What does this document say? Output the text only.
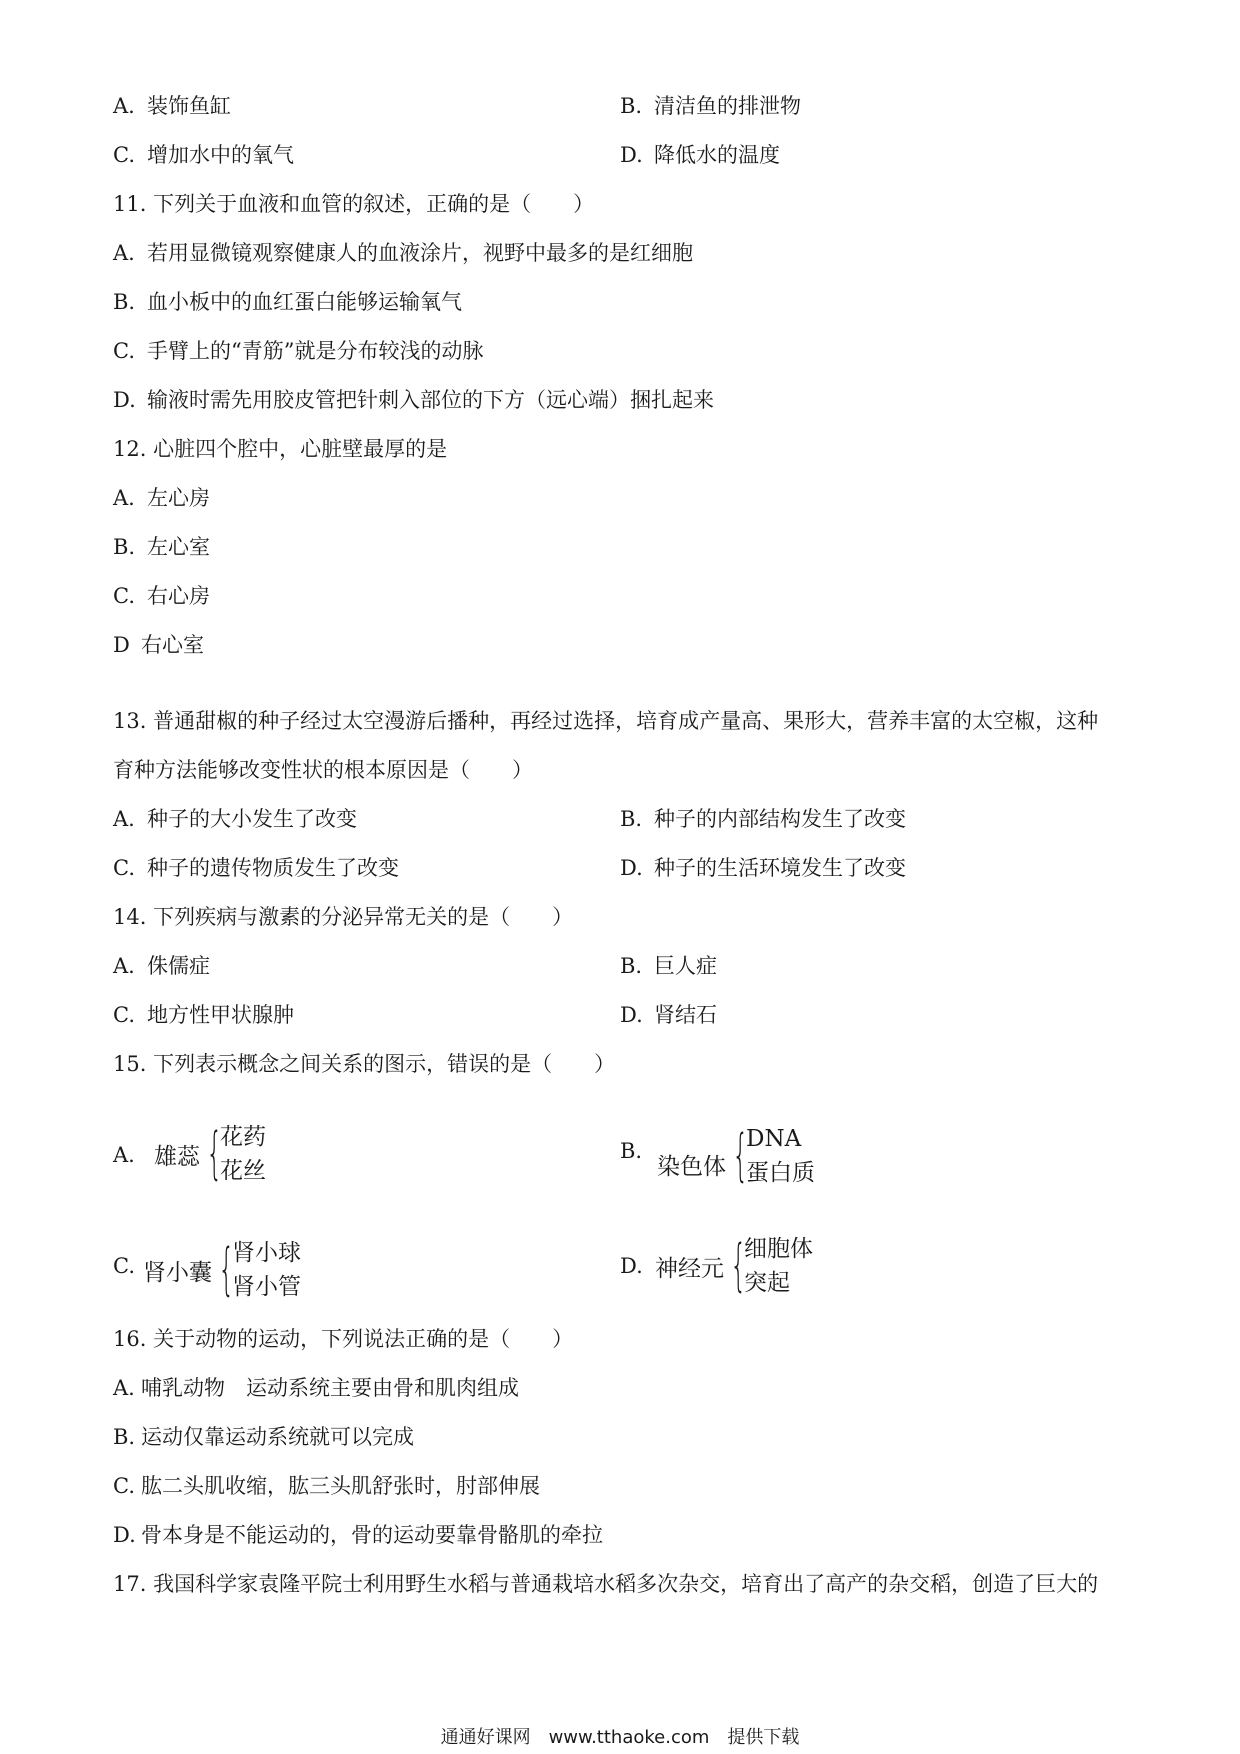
A. 装饰鱼缸	B. 清洁鱼的排泄物
C. 增加水中的氧气	D. 降低水的温度
11. 下列关于血液和血管的叙述，正确的是（　　）
A. 若用显微镜观察健康人的血液涂片，视野中最多的是红细胞
B. 血小板中的血红蛋白能够运输氧气
C. 手臂上的“青筋”就是分布较浅的动脉
D. 输液时需先用胶皮管把针刺入部位的下方（远心端）捆扎起来
12. 心脏四个腔中，心脏壁最厚的是
A. 左心房
B. 左心室
C. 右心房
D 右心室
13. 普通甜椒的种子经过太空漫游后播种，再经过选择，培育成产量高、果形大，营养丰富的太空椒，这种
育种方法能够改变性状的根本原因是（　　）
A. 种子的大小发生了改变	B. 种子的内部结构发生了改变
C. 种子的遗传物质发生了改变	D. 种子的生活环境发生了改变
14. 下列疾病与激素的分泌异常无关的是（　　）
A. 侏儒症	B. 巨人症
C. 地方性甲状腺肿	D. 肾结石
15. 下列表示概念之间关系的图示，错误的是（　　）
A. 雄蕊 {
花药
花丝
B.
染色体 {
DNA
蛋白质
C. 肾小囊 {
肾小球
肾小管
D. 神经元 {
细胞体
突起
16. 关于动物的运动，下列说法正确的是（　　）
A. 哺乳动物　运动系统主要由骨和肌肉组成
B. 运动仅靠运动系统就可以完成
C. 肱二头肌收缩，肱三头肌舒张时，肘部伸展
D. 骨本身是不能运动的，骨的运动要靠骨骼肌的牵拉
17. 我国科学家袁隆平院士利用野生水稻与普通栽培水稻多次杂交，培育出了高产的杂交稻，创造了巨大的
通通好课网　www.tthaoke.com　提供下载
